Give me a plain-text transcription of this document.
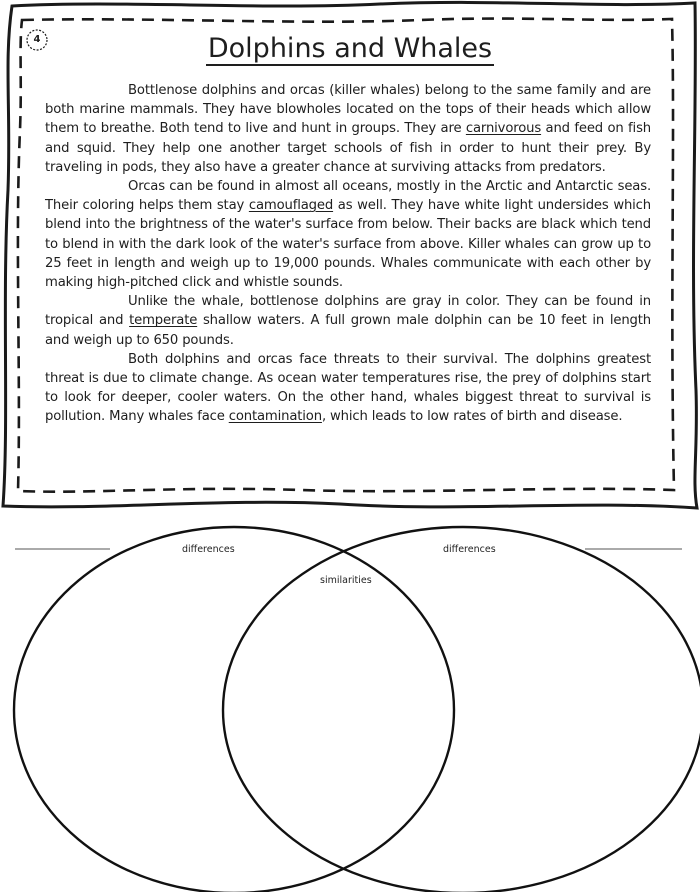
4	Dolphins and Whales

Bottlenose dolphins and orcas (killer whales) belong to the same family and are both marine mammals. They have blowholes located on the tops of their heads which allow them to breathe. Both tend to live and hunt in groups. They are carnivorous and feed on fish and squid. They help one another target schools of fish in order to hunt their prey. By traveling in pods, they also have a greater chance at surviving attacks from predators.

Orcas can be found in almost all oceans, mostly in the Arctic and Antarctic seas. Their coloring helps them stay camouflaged as well. They have white light undersides which blend into the brightness of the water's surface from below. Their backs are black which tend to blend in with the dark look of the water's surface from above. Killer whales can grow up to 25 feet in length and weigh up to 19,000 pounds. Whales communicate with each other by making high-pitched click and whistle sounds.

Unlike the whale, bottlenose dolphins are gray in color. They can be found in tropical and temperate shallow waters. A full grown male dolphin can be 10 feet in length and weigh up to 650 pounds.

Both dolphins and orcas face threats to their survival. The dolphins greatest threat is due to climate change. As ocean water temperatures rise, the prey of dolphins start to look for deeper, cooler waters. On the other hand, whales biggest threat to survival is pollution. Many whales face contamination, which leads to low rates of birth and disease.

differences	differences
similarities
